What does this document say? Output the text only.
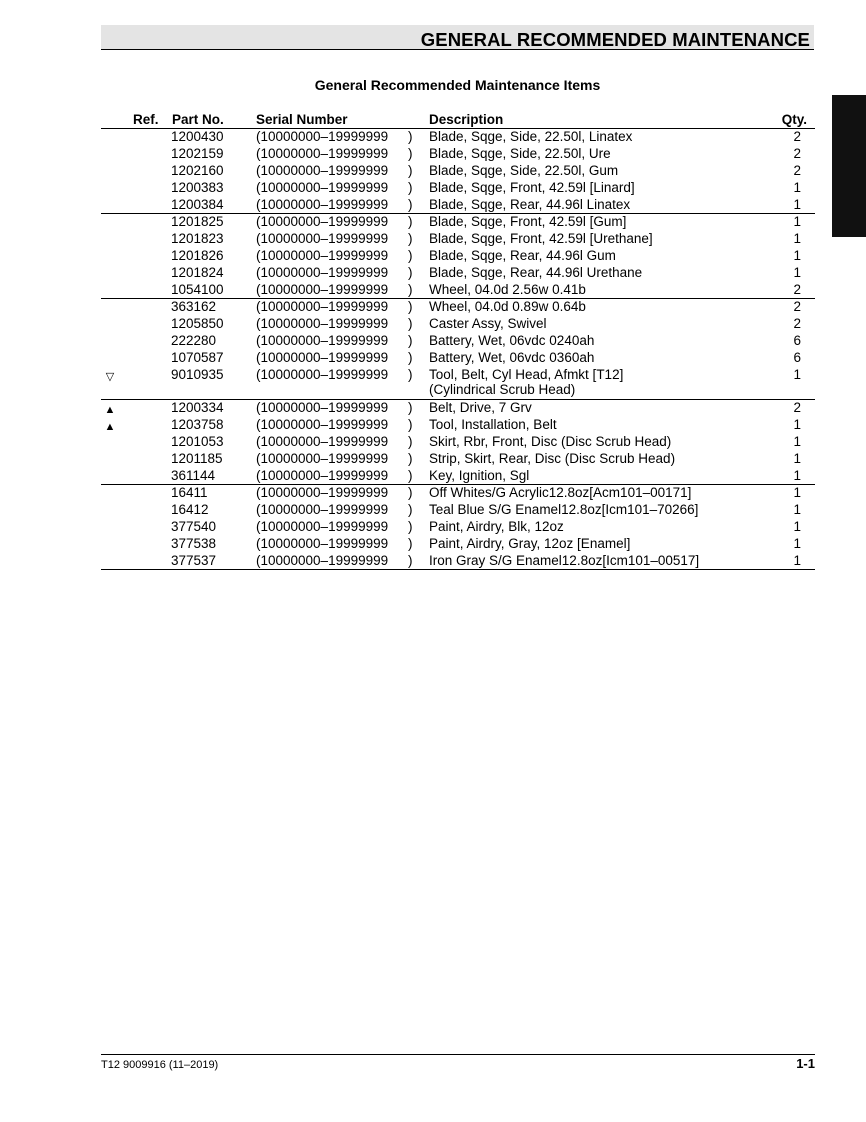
GENERAL RECOMMENDED MAINTENANCE
General Recommended Maintenance Items
Ref. Part No. Serial Number	Description	Qty.
1200430 (10000000–19999999 ) Blade, Sqge, Side, 22.50l, Linatex	2
1202159 (10000000–19999999 ) Blade, Sqge, Side, 22.50l, Ure	2
1202160 (10000000–19999999 ) Blade, Sqge, Side, 22.50l, Gum	2
1200383 (10000000–19999999 ) Blade, Sqge, Front, 42.59l [Linard]	1
1200384 (10000000–19999999 ) Blade, Sqge, Rear, 44.96l Linatex	1
1201825 (10000000–19999999 ) Blade, Sqge, Front, 42.59l [Gum]	1
1201823 (10000000–19999999 ) Blade, Sqge, Front, 42.59l [Urethane]	1
1201826 (10000000–19999999 ) Blade, Sqge, Rear, 44.96l Gum	1
1201824 (10000000–19999999 ) Blade, Sqge, Rear, 44.96l Urethane	1
1054100 (10000000–19999999 ) Wheel, 04.0d 2.56w 0.41b	2
363162	(10000000–19999999 ) Wheel, 04.0d 0.89w 0.64b	2
1205850 (10000000–19999999 ) Caster Assy, Swivel	2
222280	(10000000–19999999 ) Battery, Wet, 06vdc 0240ah	6
1070587 (10000000–19999999 ) Battery, Wet, 06vdc 0360ah	6
▽	9010935 (10000000–19999999 ) Tool, Belt, Cyl Head, Afmkt [T12]	1
(Cylindrical Scrub Head)
▲	1200334 (10000000–19999999 ) Belt, Drive, 7 Grv	2
▲	1203758 (10000000–19999999 ) Tool, Installation, Belt	1
1201053 (10000000–19999999 ) Skirt, Rbr, Front, Disc (Disc Scrub Head)	1
1201185 (10000000–19999999 ) Strip, Skirt, Rear, Disc (Disc Scrub Head)	1
361144	(10000000–19999999 ) Key, Ignition, Sgl	1
16411	(10000000–19999999 ) Off Whites/G Acrylic12.8oz[Acm101–00171]	1
16412	(10000000–19999999 ) Teal Blue S/G Enamel12.8oz[Icm101–70266]	1
377540	(10000000–19999999 ) Paint, Airdry, Blk, 12oz	1
377538	(10000000–19999999 ) Paint, Airdry, Gray, 12oz [Enamel]	1
377537	(10000000–19999999 ) Iron Gray S/G Enamel12.8oz[Icm101–00517]	1
T12 9009916 (11–2019)	1-1
